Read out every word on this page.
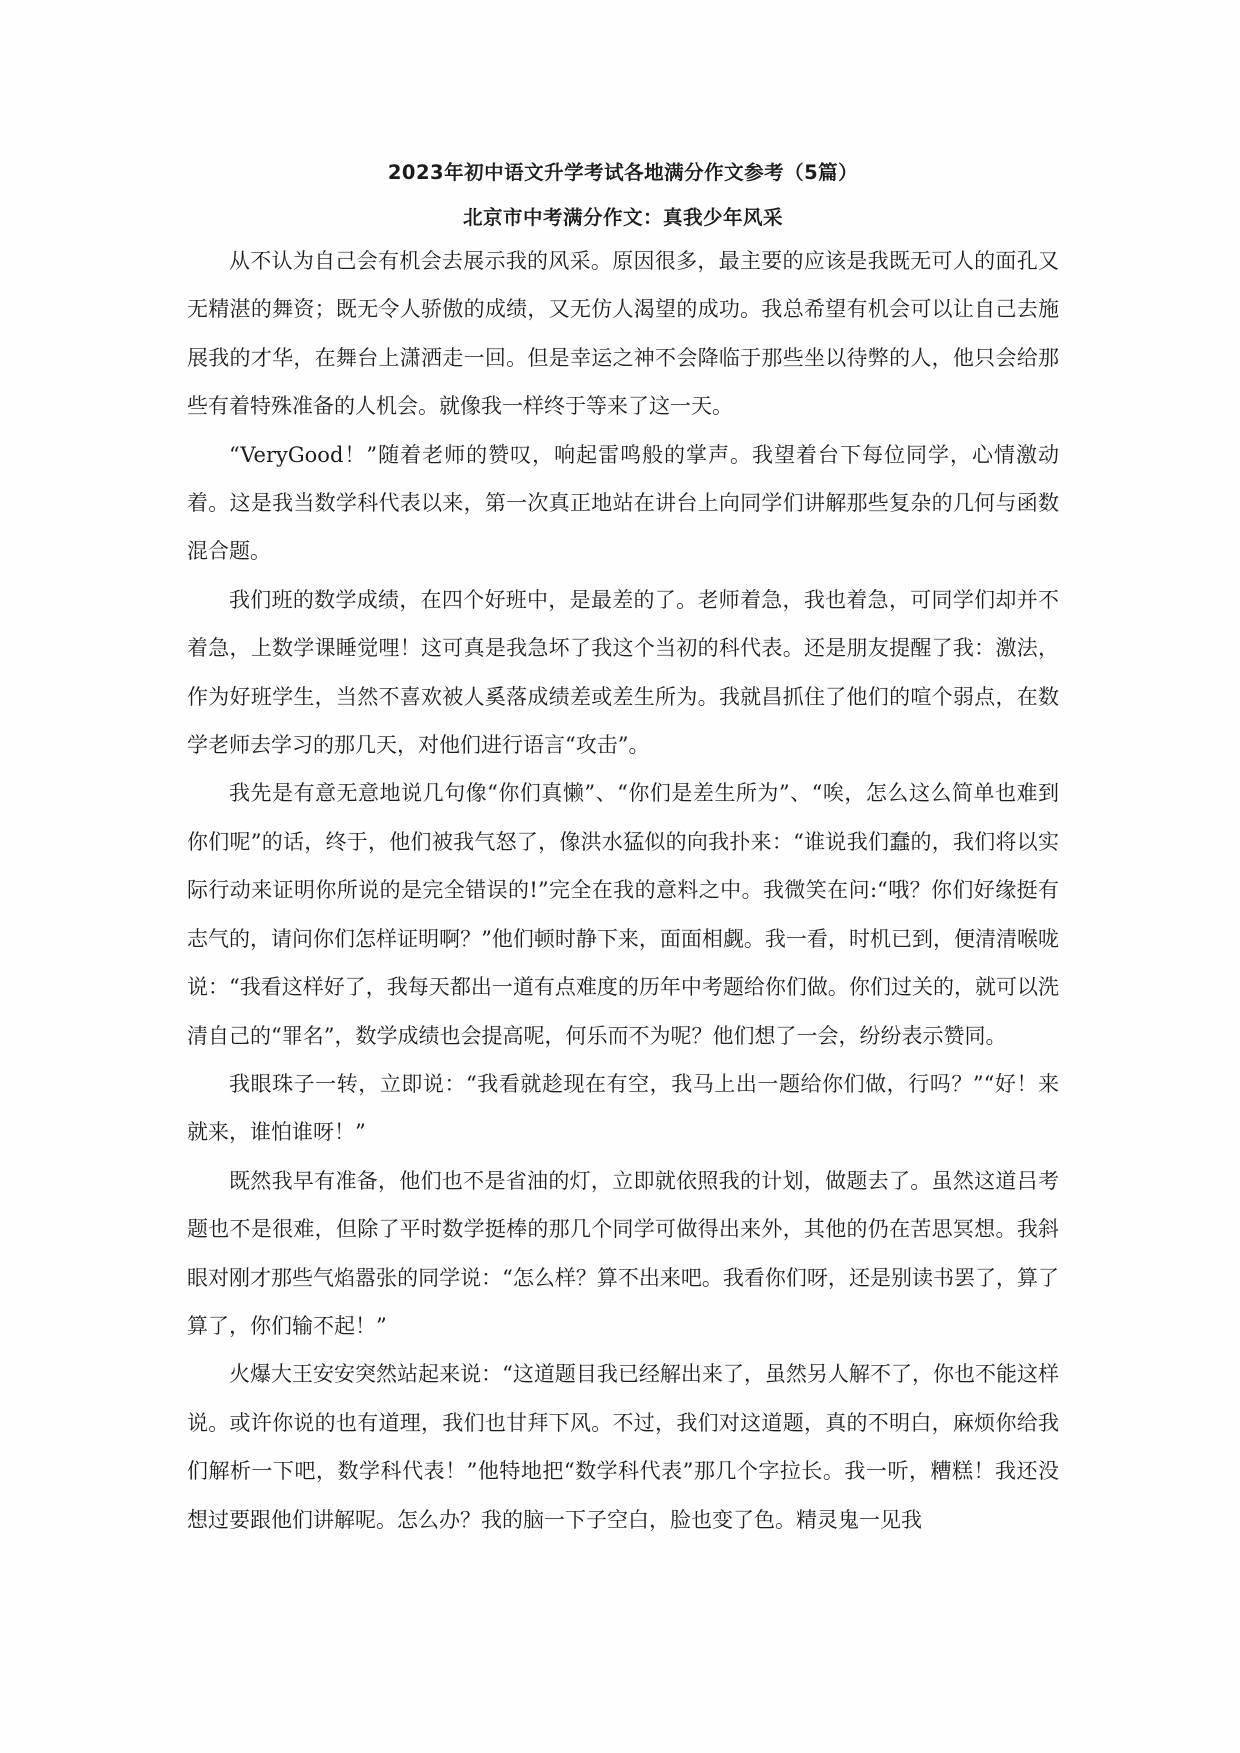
2023年初中语文升学考试各地满分作文参考（5篇）
北京市中考满分作文：真我少年风采

从不认为自己会有机会去展示我的风采。原因很多，最主要的应该是我既无可人的面孔又无精湛的舞资；既无令人骄傲的成绩，又无仿人渴望的成功。我总希望有机会可以让自己去施展我的才华，在舞台上潇洒走一回。但是幸运之神不会降临于那些坐以待弊的人，他只会给那些有着特殊准备的人机会。就像我一样终于等来了这一天。

“VeryGood！”随着老师的赞叹，响起雷鸣般的掌声。我望着台下每位同学，心情激动着。这是我当数学科代表以来，第一次真正地站在讲台上向同学们讲解那些复杂的几何与函数混合题。

我们班的数学成绩，在四个好班中，是最差的了。老师着急，我也着急，可同学们却并不着急，上数学课睡觉哩！这可真是我急坏了我这个当初的科代表。还是朋友提醒了我：激法，作为好班学生，当然不喜欢被人奚落成绩差或差生所为。我就昌抓住了他们的喧个弱点，在数学老师去学习的那几天，对他们进行语言“攻击”。

我先是有意无意地说几句像“你们真懒”、“你们是差生所为”、“唉，怎么这么简单也难到你们呢”的话，终于，他们被我气怒了，像洪水猛似的向我扑来：“谁说我们蠢的，我们将以实际行动来证明你所说的是完全错误的!”完全在我的意料之中。我微笑在问:“哦？你们好缘挺有志气的，请问你们怎样证明啊？”他们顿时静下来，面面相觑。我一看，时机已到，便清清喉咙说：“我看这样好了，我每天都出一道有点难度的历年中考题给你们做。你们过关的，就可以洗清自己的“罪名”，数学成绩也会提高呢，何乐而不为呢？他们想了一会，纷纷表示赞同。

我眼珠子一转，立即说：“我看就趁现在有空，我马上出一题给你们做，行吗？”“好！来就来，谁怕谁呀！”

既然我早有准备，他们也不是省油的灯，立即就依照我的计划，做题去了。虽然这道吕考题也不是很难，但除了平时数学挺棒的那几个同学可做得出来外，其他的仍在苦思冥想。我斜眼对刚才那些气焰嚣张的同学说：“怎么样？算不出来吧。我看你们呀，还是别读书罢了，算了算了，你们输不起！”

火爆大王安安突然站起来说：“这道题目我已经解出来了，虽然另人解不了，你也不能这样说。或许你说的也有道理，我们也甘拜下风。不过，我们对这道题，真的不明白，麻烦你给我们解析一下吧，数学科代表！”他特地把“数学科代表”那几个字拉长。我一听，糟糕！我还没想过要跟他们讲解呢。怎么办？我的脑一下子空白，脸也变了色。精灵鬼一见我
